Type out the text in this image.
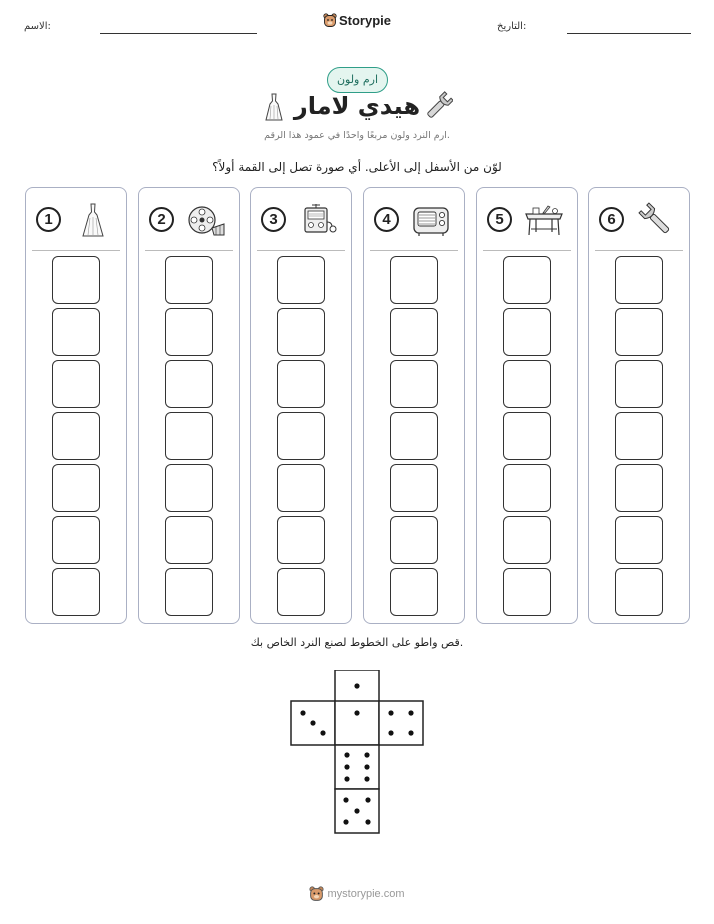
الاسم:	Storypie	التاريخ:
ارم ولون
هيدي لامار
ارم النرد ولون مربعًا واحدًا في عمود هذا الرقم.
لوّن من الأسفل إلى الأعلى. أي صورة تصل إلى القمة أولاً؟
1	2	3	4	5	6
قص واطو على الخطوط لصنع النرد الخاص بك.
mystorypie.com
